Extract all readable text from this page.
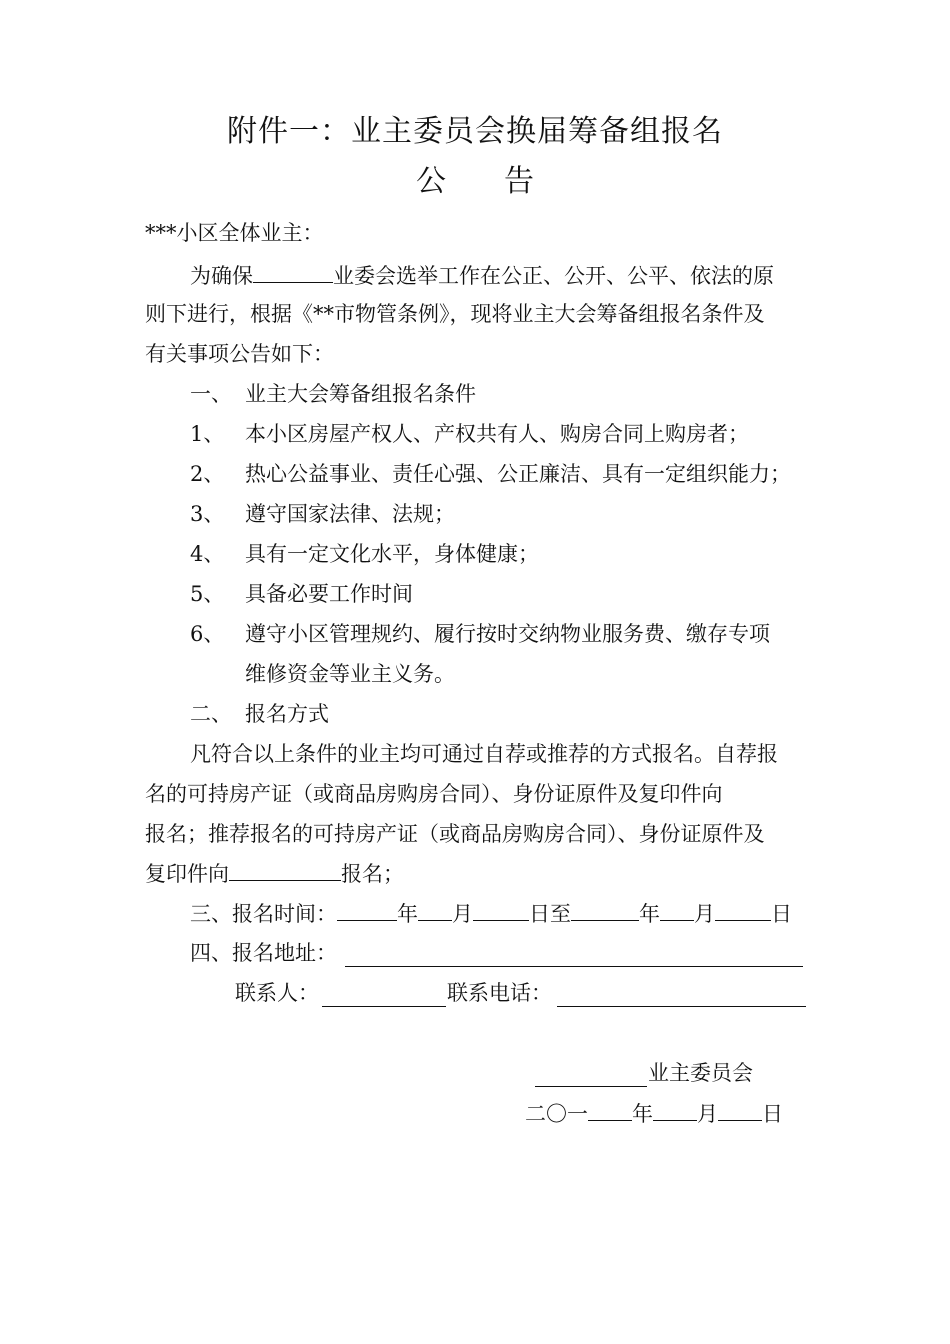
附件一：业主委员会换届筹备组报名
公 告
***小区全体业主：
为确保	业委会选举工作在公正、公开、公平、依法的原
则下进行，根据《**市物管条例》，现将业主大会筹备组报名条件及
有关事项公告如下：
一、 业主大会筹备组报名条件
1、 本小区房屋产权人、产权共有人、购房合同上购房者；
2、 热心公益事业、责任心强、公正廉洁、具有一定组织能力；
3、 遵守国家法律、法规；
4、 具有一定文化水平，身体健康；
5、 具备必要工作时间
6、 遵守小区管理规约、履行按时交纳物业服务费、缴存专项
维修资金等业主义务。
二、 报名方式
凡符合以上条件的业主均可通过自荐或推荐的方式报名。自荐报
名的可持房产证（或商品房购房合同）、身份证原件及复印件向
报名；推荐报名的可持房产证（或商品房购房合同）、身份证原件及
复印件向	报名；
三、报名时间：	年 月	日至	年 月	日
四、报名地址：
联系人：	联系电话：
业主委员会
二〇一 年 月 日
